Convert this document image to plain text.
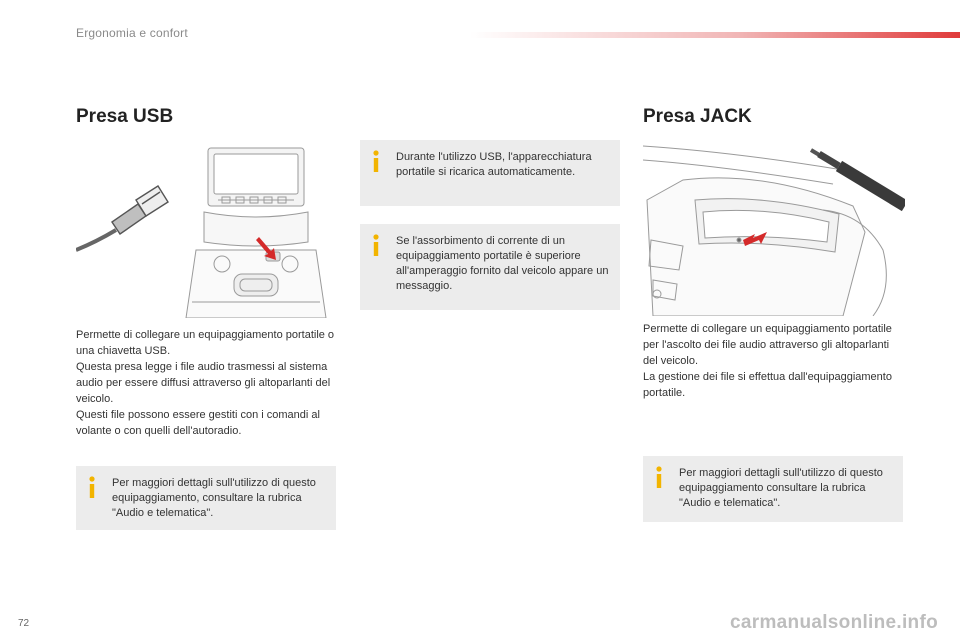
Ergonomia e confort
Presa USB

Permette di collegare un equipaggiamento portatile o una chiavetta USB.

Questa presa legge i file audio trasmessi al sistema audio per essere diffusi attraverso gli altoparlanti del veicolo.

Questi file possono essere gestiti con i comandi al volante o con quelli dell'autoradio.

Per maggiori dettagli sull'utilizzo di questo equipaggiamento, consultare la rubrica "Audio e telematica".
Durante l'utilizzo USB, l'apparecchiatura portatile si ricarica automaticamente.
Se l'assorbimento di corrente di un equipaggiamento portatile è superiore all'amperaggio fornito dal veicolo appare un messaggio.
Presa JACK

Permette di collegare un equipaggiamento portatile per l'ascolto dei file audio attraverso gli altoparlanti del veicolo.

La gestione dei file si effettua dall'equipaggiamento portatile.

Per maggiori dettagli sull'utilizzo di questo equipaggiamento consultare la rubrica "Audio e telematica".
72	carmanualsonline.info
